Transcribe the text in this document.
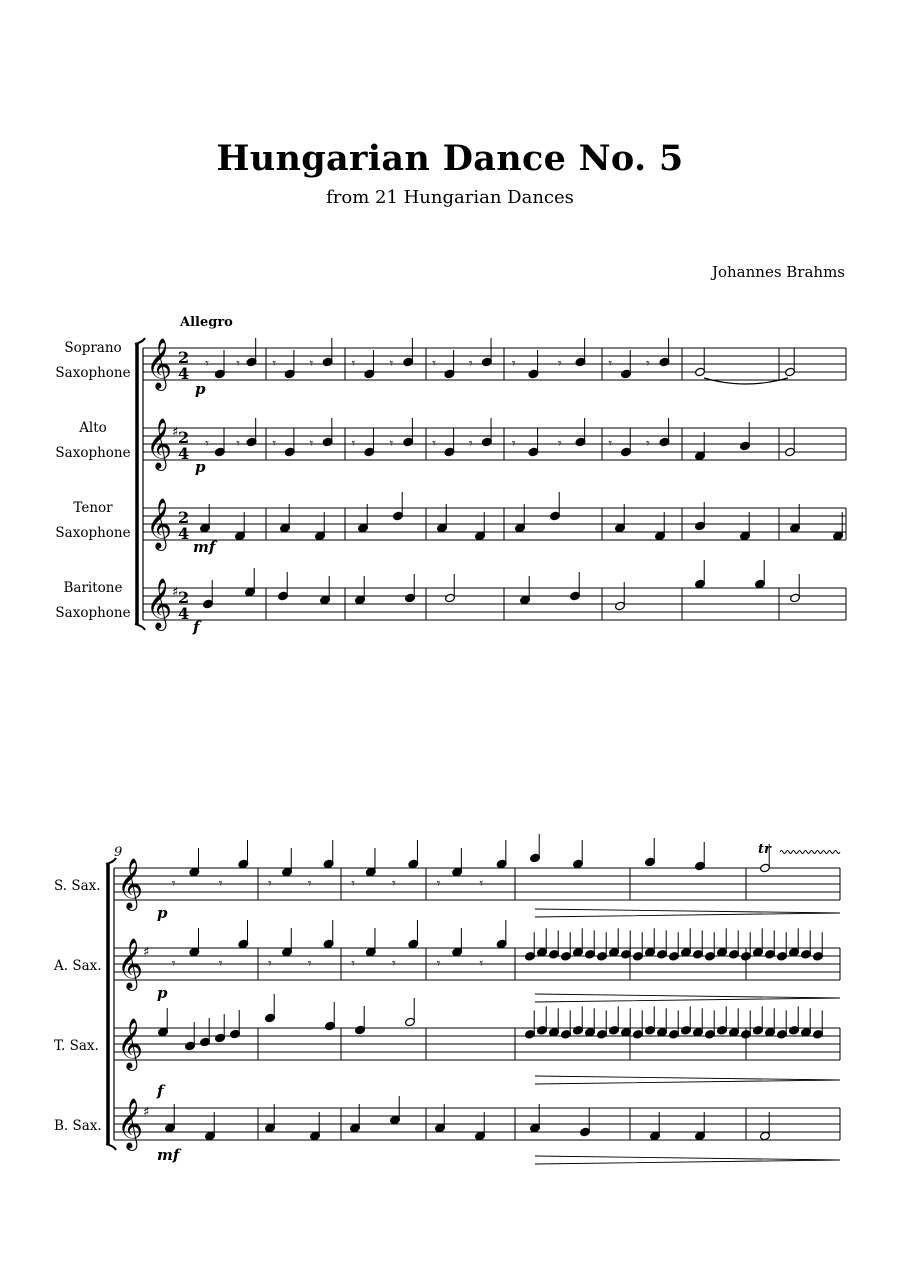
Hungarian Dance No. 5
from 21 Hungarian Dances
Johannes Brahms
Allegro
Soprano
Saxophone
Alto
Saxophone
Tenor
Saxophone
Baritone
Saxophone
S. Sax.
A. Sax.
T. Sax.
B. Sax.
9
p
p
mf
f
p
p
f
mf
tr
𝄞
𝄞 ♯
𝄞
𝄞 ♯
2
4
2
4
2
4
2
4
𝄞
𝄞 ♯
𝄞
𝄞 ♯
𝄾 𝄾 𝄾 𝄾	𝄾 𝄾	𝄾 𝄾	𝄾	𝄾	𝄾 𝄾
𝄾 𝄾 𝄾 𝄾	𝄾 𝄾	𝄾 𝄾	𝄾	𝄾	𝄾 𝄾
𝄾	𝄾	𝄾	𝄾	𝄾	𝄾	𝄾	𝄾
𝄾	𝄾	𝄾	𝄾	𝄾	𝄾	𝄾	𝄾
